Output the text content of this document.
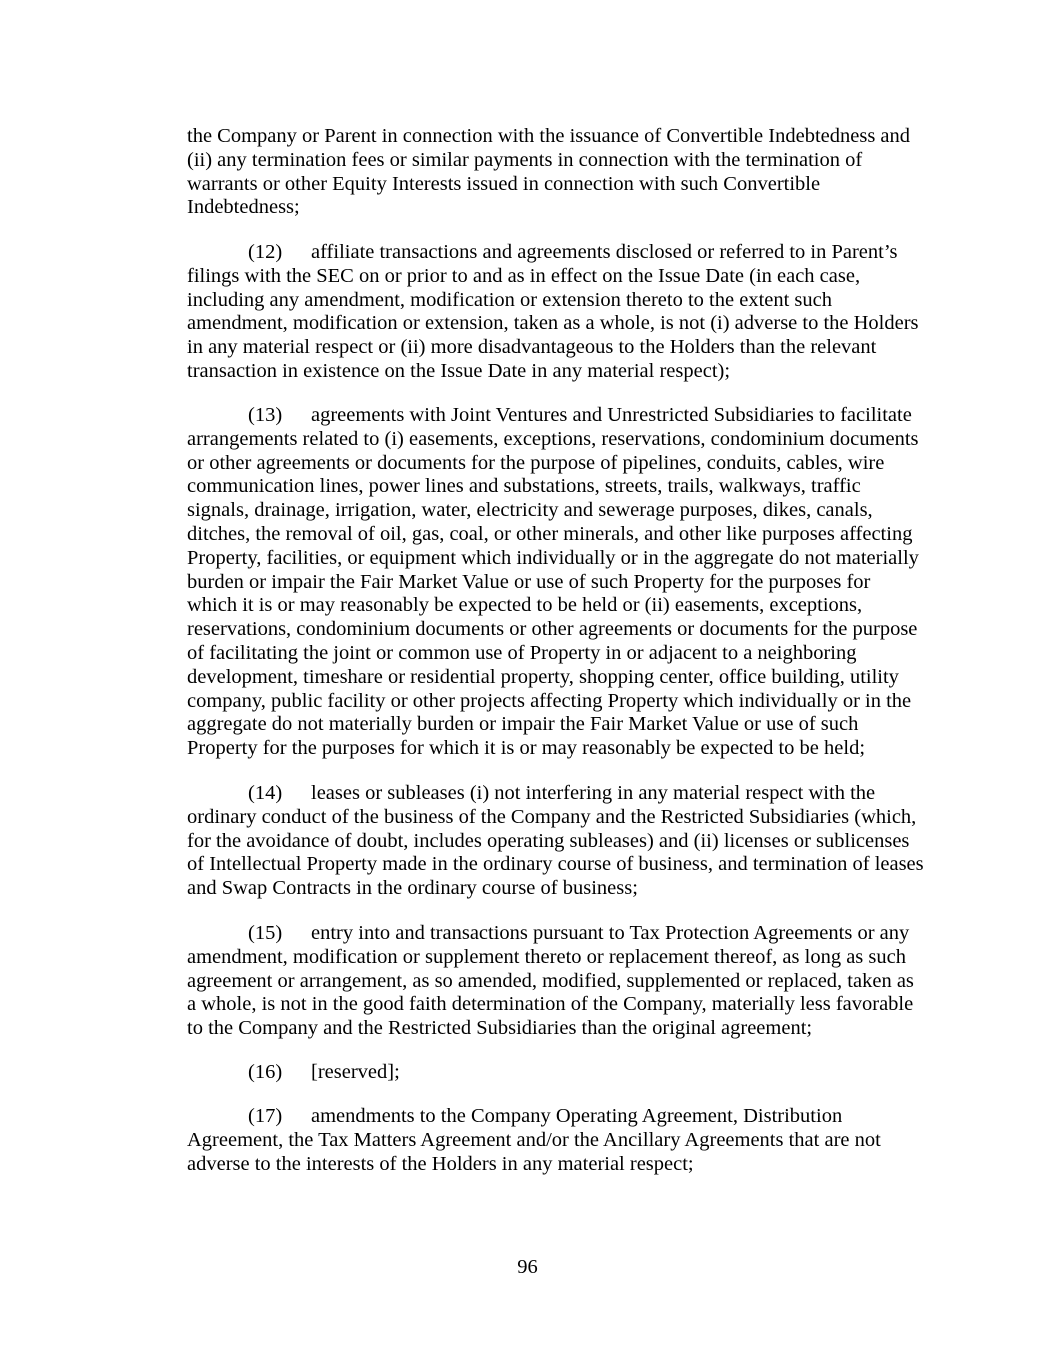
the Company or Parent in connection with the issuance of Convertible Indebtedness and
(ii) any termination fees or similar payments in connection with the termination of
warrants or other Equity Interests issued in connection with such Convertible
Indebtedness;
(12) affiliate transactions and agreements disclosed or referred to in Parent’s
filings with the SEC on or prior to and as in effect on the Issue Date (in each case,
including any amendment, modification or extension thereto to the extent such
amendment, modification or extension, taken as a whole, is not (i) adverse to the Holders
in any material respect or (ii) more disadvantageous to the Holders than the relevant
transaction in existence on the Issue Date in any material respect);
(13) agreements with Joint Ventures and Unrestricted Subsidiaries to facilitate
arrangements related to (i) easements, exceptions, reservations, condominium documents
or other agreements or documents for the purpose of pipelines, conduits, cables, wire
communication lines, power lines and substations, streets, trails, walkways, traffic
signals, drainage, irrigation, water, electricity and sewerage purposes, dikes, canals,
ditches, the removal of oil, gas, coal, or other minerals, and other like purposes affecting
Property, facilities, or equipment which individually or in the aggregate do not materially
burden or impair the Fair Market Value or use of such Property for the purposes for
which it is or may reasonably be expected to be held or (ii) easements, exceptions,
reservations, condominium documents or other agreements or documents for the purpose
of facilitating the joint or common use of Property in or adjacent to a neighboring
development, timeshare or residential property, shopping center, office building, utility
company, public facility or other projects affecting Property which individually or in the
aggregate do not materially burden or impair the Fair Market Value or use of such
Property for the purposes for which it is or may reasonably be expected to be held;
(14) leases or subleases (i) not interfering in any material respect with the
ordinary conduct of the business of the Company and the Restricted Subsidiaries (which,
for the avoidance of doubt, includes operating subleases) and (ii) licenses or sublicenses
of Intellectual Property made in the ordinary course of business, and termination of leases
and Swap Contracts in the ordinary course of business;
(15) entry into and transactions pursuant to Tax Protection Agreements or any
amendment, modification or supplement thereto or replacement thereof, as long as such
agreement or arrangement, as so amended, modified, supplemented or replaced, taken as
a whole, is not in the good faith determination of the Company, materially less favorable
to the Company and the Restricted Subsidiaries than the original agreement;
(16) [reserved];
(17) amendments to the Company Operating Agreement, Distribution
Agreement, the Tax Matters Agreement and/or the Ancillary Agreements that are not
adverse to the interests of the Holders in any material respect;
96
